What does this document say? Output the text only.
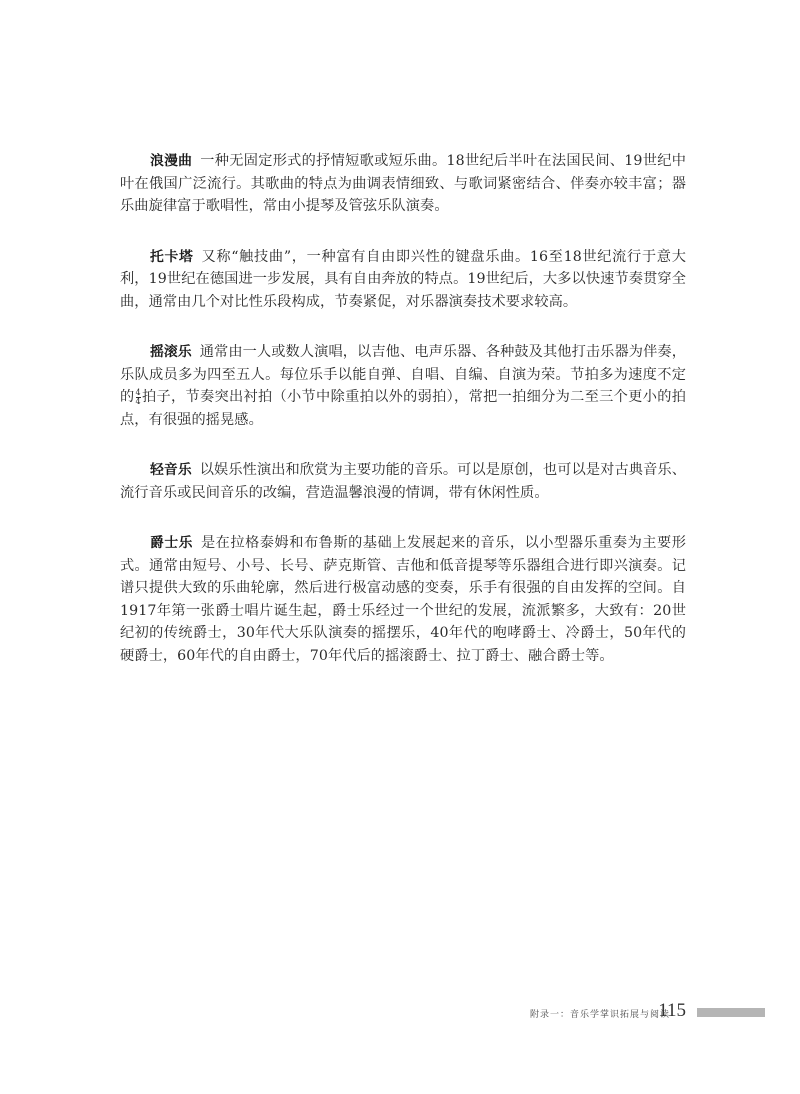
浪漫曲 一种无固定形式的抒情短歌或短乐曲。18世纪后半叶在法国民间、19世纪中叶在俄国广泛流行。其歌曲的特点为曲调表情细致、与歌词紧密结合、伴奏亦较丰富；器乐曲旋律富于歌唱性，常由小提琴及管弦乐队演奏。

托卡塔 又称“触技曲”，一种富有自由即兴性的键盘乐曲。16至18世纪流行于意大利，19世纪在德国进一步发展，具有自由奔放的特点。19世纪后，大多以快速节奏贯穿全曲，通常由几个对比性乐段构成，节奏紧促，对乐器演奏技术要求较高。

摇滚乐 通常由一人或数人演唱，以吉他、电声乐器、各种鼓及其他打击乐器为伴奏，乐队成员多为四至五人。每位乐手以能自弹、自唱、自编、自演为荣。节拍多为速度不定的 $\frac{4}{4}$ 拍子，节奏突出衬拍（小节中除重拍以外的弱拍），常把一拍细分为二至三个更小的拍点，有很强的摇晃感。

轻音乐 以娱乐性演出和欣赏为主要功能的音乐。可以是原创，也可以是对古典音乐、流行音乐或民间音乐的改编，营造温馨浪漫的情调，带有休闲性质。

爵士乐 是在拉格泰姆和布鲁斯的基础上发展起来的音乐，以小型器乐重奏为主要形式。通常由短号、小号、长号、萨克斯管、吉他和低音提琴等乐器组合进行即兴演奏。记谱只提供大致的乐曲轮廓，然后进行极富动感的变奏，乐手有很强的自由发挥的空间。自1917年第一张爵士唱片诞生起，爵士乐经过一个世纪的发展，流派繁多，大致有：20世纪初的传统爵士，30年代大乐队演奏的摇摆乐，40年代的咆哮爵士、冷爵士，50年代的硬爵士，60年代的自由爵士，70年代后的摇滚爵士、拉丁爵士、融合爵士等。

附录一：音乐学掌识拓展与阅读
115
